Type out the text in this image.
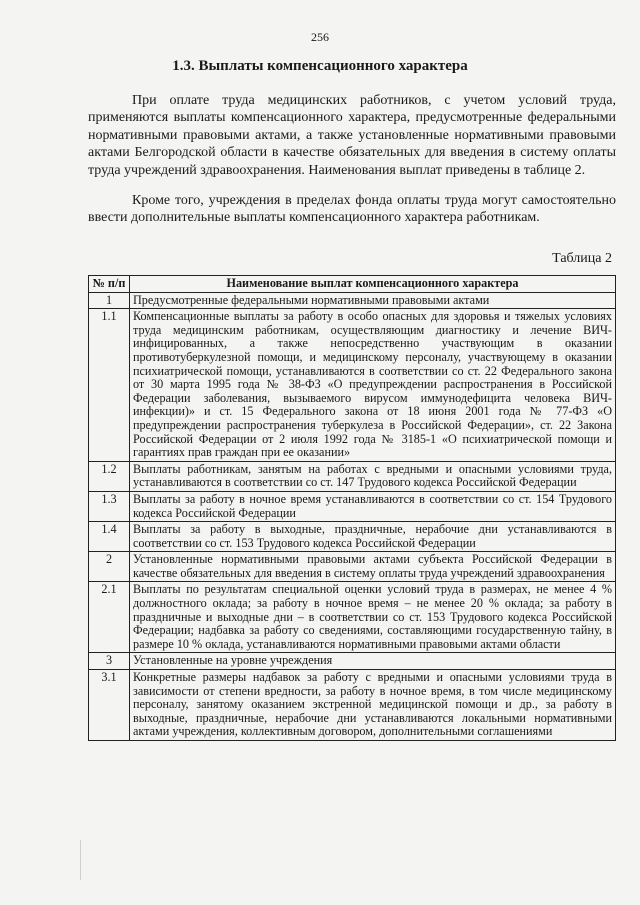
256
1.3. Выплаты компенсационного характера

При оплате труда медицинских работников, с учетом условий труда, применяются выплаты компенсационного характера, предусмотренные федеральными нормативными правовыми актами, а также установленные нормативными правовыми актами Белгородской области в качестве обязательных для введения в систему оплаты труда учреждений здравоохранения. Наименования выплат приведены в таблице 2.

Кроме того, учреждения в пределах фонда оплаты труда могут самостоятельно ввести дополнительные выплаты компенсационного характера работникам.

Таблица 2
№ п/п	Наименование выплат компенсационного характера
1	Предусмотренные федеральными нормативными правовыми актами
1.1	Компенсационные выплаты за работу в особо опасных для здоровья и тяжелых условиях труда медицинским работникам, осуществляющим диагностику и лечение ВИЧ-инфицированных, а также непосредственно участвующим в оказании противотуберкулезной помощи, и медицинскому персоналу, участвующему в оказании психиатрической помощи, устанавливаются в соответствии со ст. 22 Федерального закона от 30 марта 1995 года № 38-ФЗ «О предупреждении распространения в Российской Федерации заболевания, вызываемого вирусом иммунодефицита человека ВИЧ-инфекции)» и ст. 15 Федерального закона от 18 июня 2001 года № 77-ФЗ «О предупреждении распространения туберкулеза в Российской Федерации», ст. 22 Закона Российской Федерации от 2 июля 1992 года № 3185-1 «О психиатрической помощи и гарантиях прав граждан при ее оказании»
1.2	Выплаты работникам, занятым на работах с вредными и опасными условиями труда, устанавливаются в соответствии со ст. 147 Трудового кодекса Российской Федерации
1.3	Выплаты за работу в ночное время устанавливаются в соответствии со ст. 154 Трудового кодекса Российской Федерации
1.4	Выплаты за работу в выходные, праздничные, нерабочие дни устанавливаются в соответствии со ст. 153 Трудового кодекса Российской Федерации
2	Установленные нормативными правовыми актами субъекта Российской Федерации в качестве обязательных для введения в систему оплаты труда учреждений здравоохранения
2.1	Выплаты по результатам специальной оценки условий труда в размерах, не менее 4 % должностного оклада; за работу в ночное время – не менее 20 % оклада; за работу в праздничные и выходные дни – в соответствии со ст. 153 Трудового кодекса Российской Федерации; надбавка за работу со сведениями, составляющими государственную тайну, в размере 10 % оклада, устанавливаются нормативными правовыми актами области
3	Установленные на уровне учреждения
3.1	Конкретные размеры надбавок за работу с вредными и опасными условиями труда в зависимости от степени вредности, за работу в ночное время, в том числе медицинскому персоналу, занятому оказанием экстренной медицинской помощи и др., за работу в выходные, праздничные, нерабочие дни устанавливаются локальными нормативными актами учреждения, коллективным договором, дополнительными соглашениями
